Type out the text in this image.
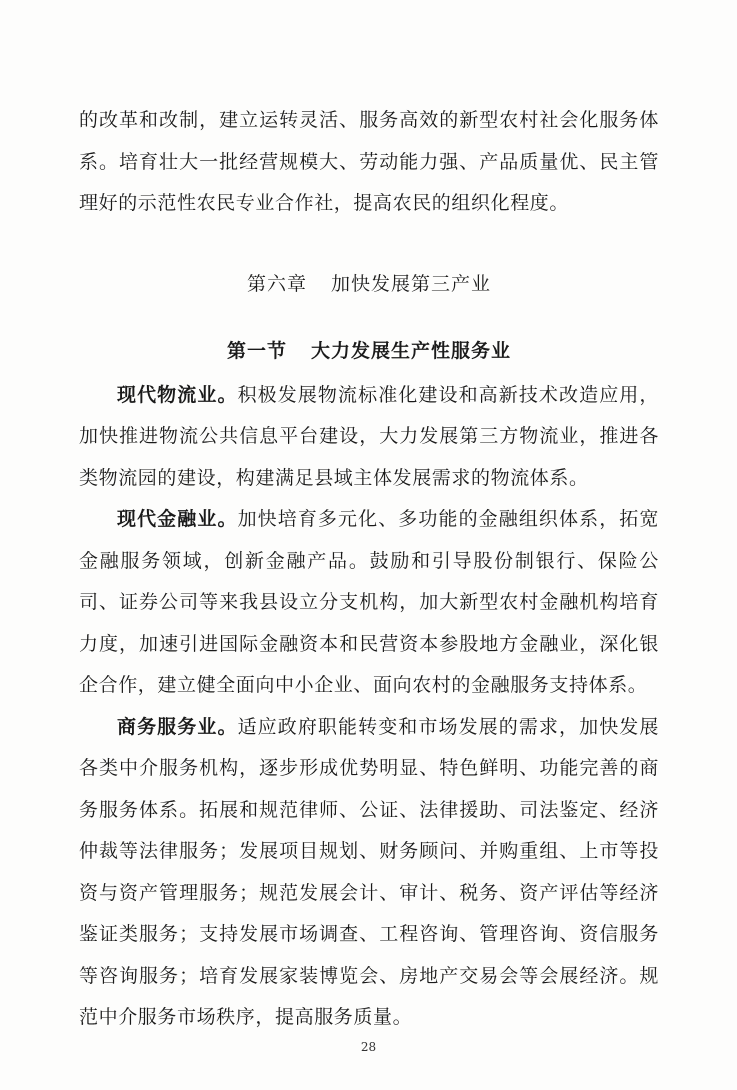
的改革和改制，建立运转灵活、服务高效的新型农村社会化服务体系。培育壮大一批经营规模大、劳动能力强、产品质量优、民主管理好的示范性农民专业合作社，提高农民的组织化程度。

第六章 加快发展第三产业
第一节 大力发展生产性服务业

现代物流业。积极发展物流标准化建设和高新技术改造应用，加快推进物流公共信息平台建设，大力发展第三方物流业，推进各类物流园的建设，构建满足县域主体发展需求的物流体系。

现代金融业。加快培育多元化、多功能的金融组织体系，拓宽金融服务领域，创新金融产品。鼓励和引导股份制银行、保险公司、证券公司等来我县设立分支机构，加大新型农村金融机构培育力度，加速引进国际金融资本和民营资本参股地方金融业，深化银企合作，建立健全面向中小企业、面向农村的金融服务支持体系。

商务服务业。适应政府职能转变和市场发展的需求，加快发展各类中介服务机构，逐步形成优势明显、特色鲜明、功能完善的商务服务体系。拓展和规范律师、公证、法律援助、司法鉴定、经济仲裁等法律服务；发展项目规划、财务顾问、并购重组、上市等投资与资产管理服务；规范发展会计、审计、税务、资产评估等经济鉴证类服务；支持发展市场调查、工程咨询、管理咨询、资信服务等咨询服务；培育发展家装博览会、房地产交易会等会展经济。规范中介服务市场秩序，提高服务质量。

28
